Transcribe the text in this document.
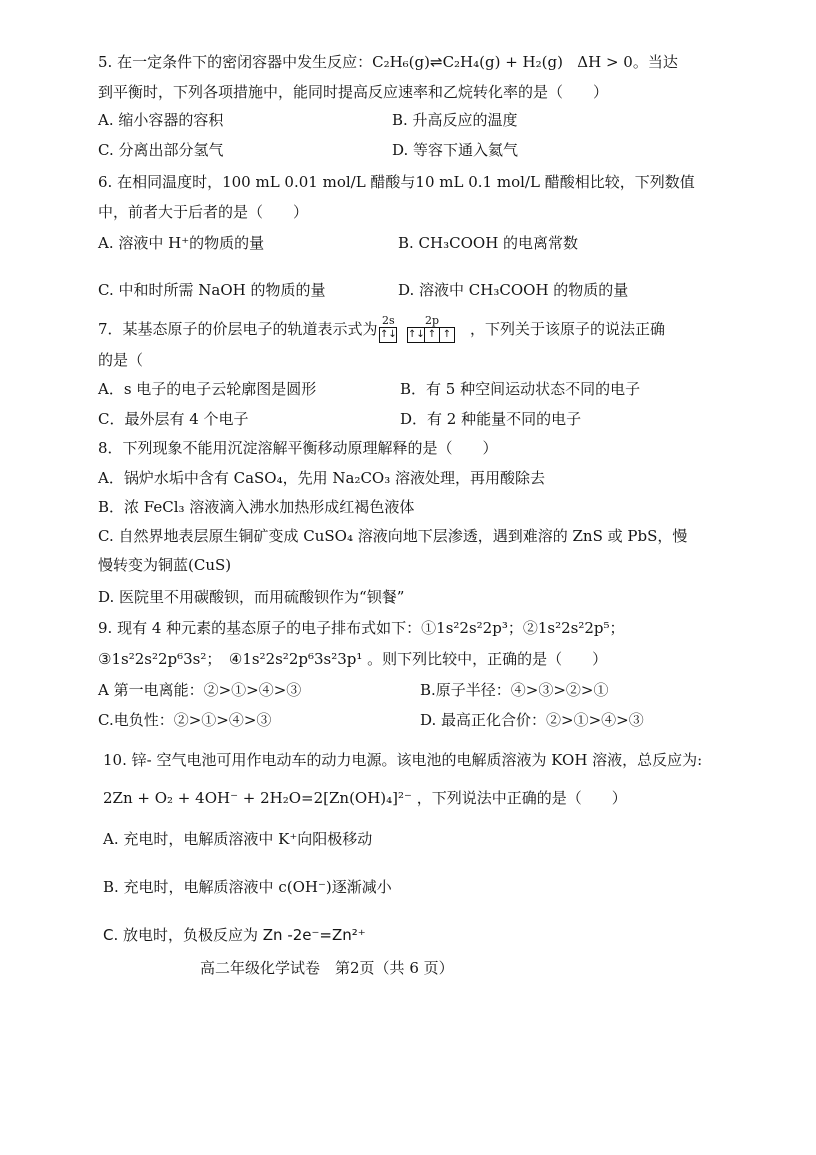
5. 在一定条件下的密闭容器中发生反应：C₂H₆(g)⇌C₂H₄(g) + H₂(g) ΔH > 0。当达
到平衡时，下列各项措施中，能同时提高反应速率和乙烷转化率的是（　　）
A. 缩小容器的容积	B. 升高反应的温度
C. 分离出部分氢气	D. 等容下通入氦气
6. 在相同温度时，100 mL 0.01 mol/L 醋酸与10 mL 0.1 mol/L 醋酸相比较，下列数值
中，前者大于后者的是（　　）
A. 溶液中 H⁺的物质的量	B. CH₃COOH 的电离常数
C. 中和时所需 NaOH 的物质的量	D. 溶液中 CH₃COOH 的物质的量
7．某基态原子的价层电子的轨道表示式为 2s	2p
↑↓ ↑↓ ↑ ↑ ，下列关于该原子的说法正确
的是（
A．s 电子的电子云轮廓图是圆形	B．有 5 种空间运动状态不同的电子
C．最外层有 4 个电子	D．有 2 种能量不同的电子
8．下列现象不能用沉淀溶解平衡移动原理解释的是（　　）
A．锅炉水垢中含有 CaSO₄，先用 Na₂CO₃ 溶液处理，再用酸除去
B．浓 FeCl₃ 溶液滴入沸水加热形成红褐色液体
C. 自然界地表层原生铜矿变成 CuSO₄ 溶液向地下层渗透，遇到难溶的 ZnS 或 PbS，慢
慢转变为铜蓝(CuS)
D. 医院里不用碳酸钡，而用硫酸钡作为“钡餐”
9. 现有 4 种元素的基态原子的电子排布式如下：①1s²2s²2p³；②1s²2s²2p⁵；
③1s²2s²2p⁶3s²；　④1s²2s²2p⁶3s²3p¹ 。则下列比较中，正确的是（　　）
A 第一电离能：②>①>④>③	B.原子半径：④>③>②>①
C.电负性：②>①>④>③	D. 最高正化合价：②>①>④>③
10. 锌- 空气电池可用作电动车的动力电源。该电池的电解质溶液为 KOH 溶液，总反应为:
2Zn + O₂ + 4OH⁻ + 2H₂O=2[Zn(OH)₄]²⁻ ，下列说法中正确的是（　　）
A. 充电时，电解质溶液中 K⁺向阳极移动
B. 充电时，电解质溶液中 c(OH⁻)逐渐减小
C. 放电时，负极反应为 Zn -2e⁻=Zn²⁺
高二年级化学试卷　第2页（共 6 页）
